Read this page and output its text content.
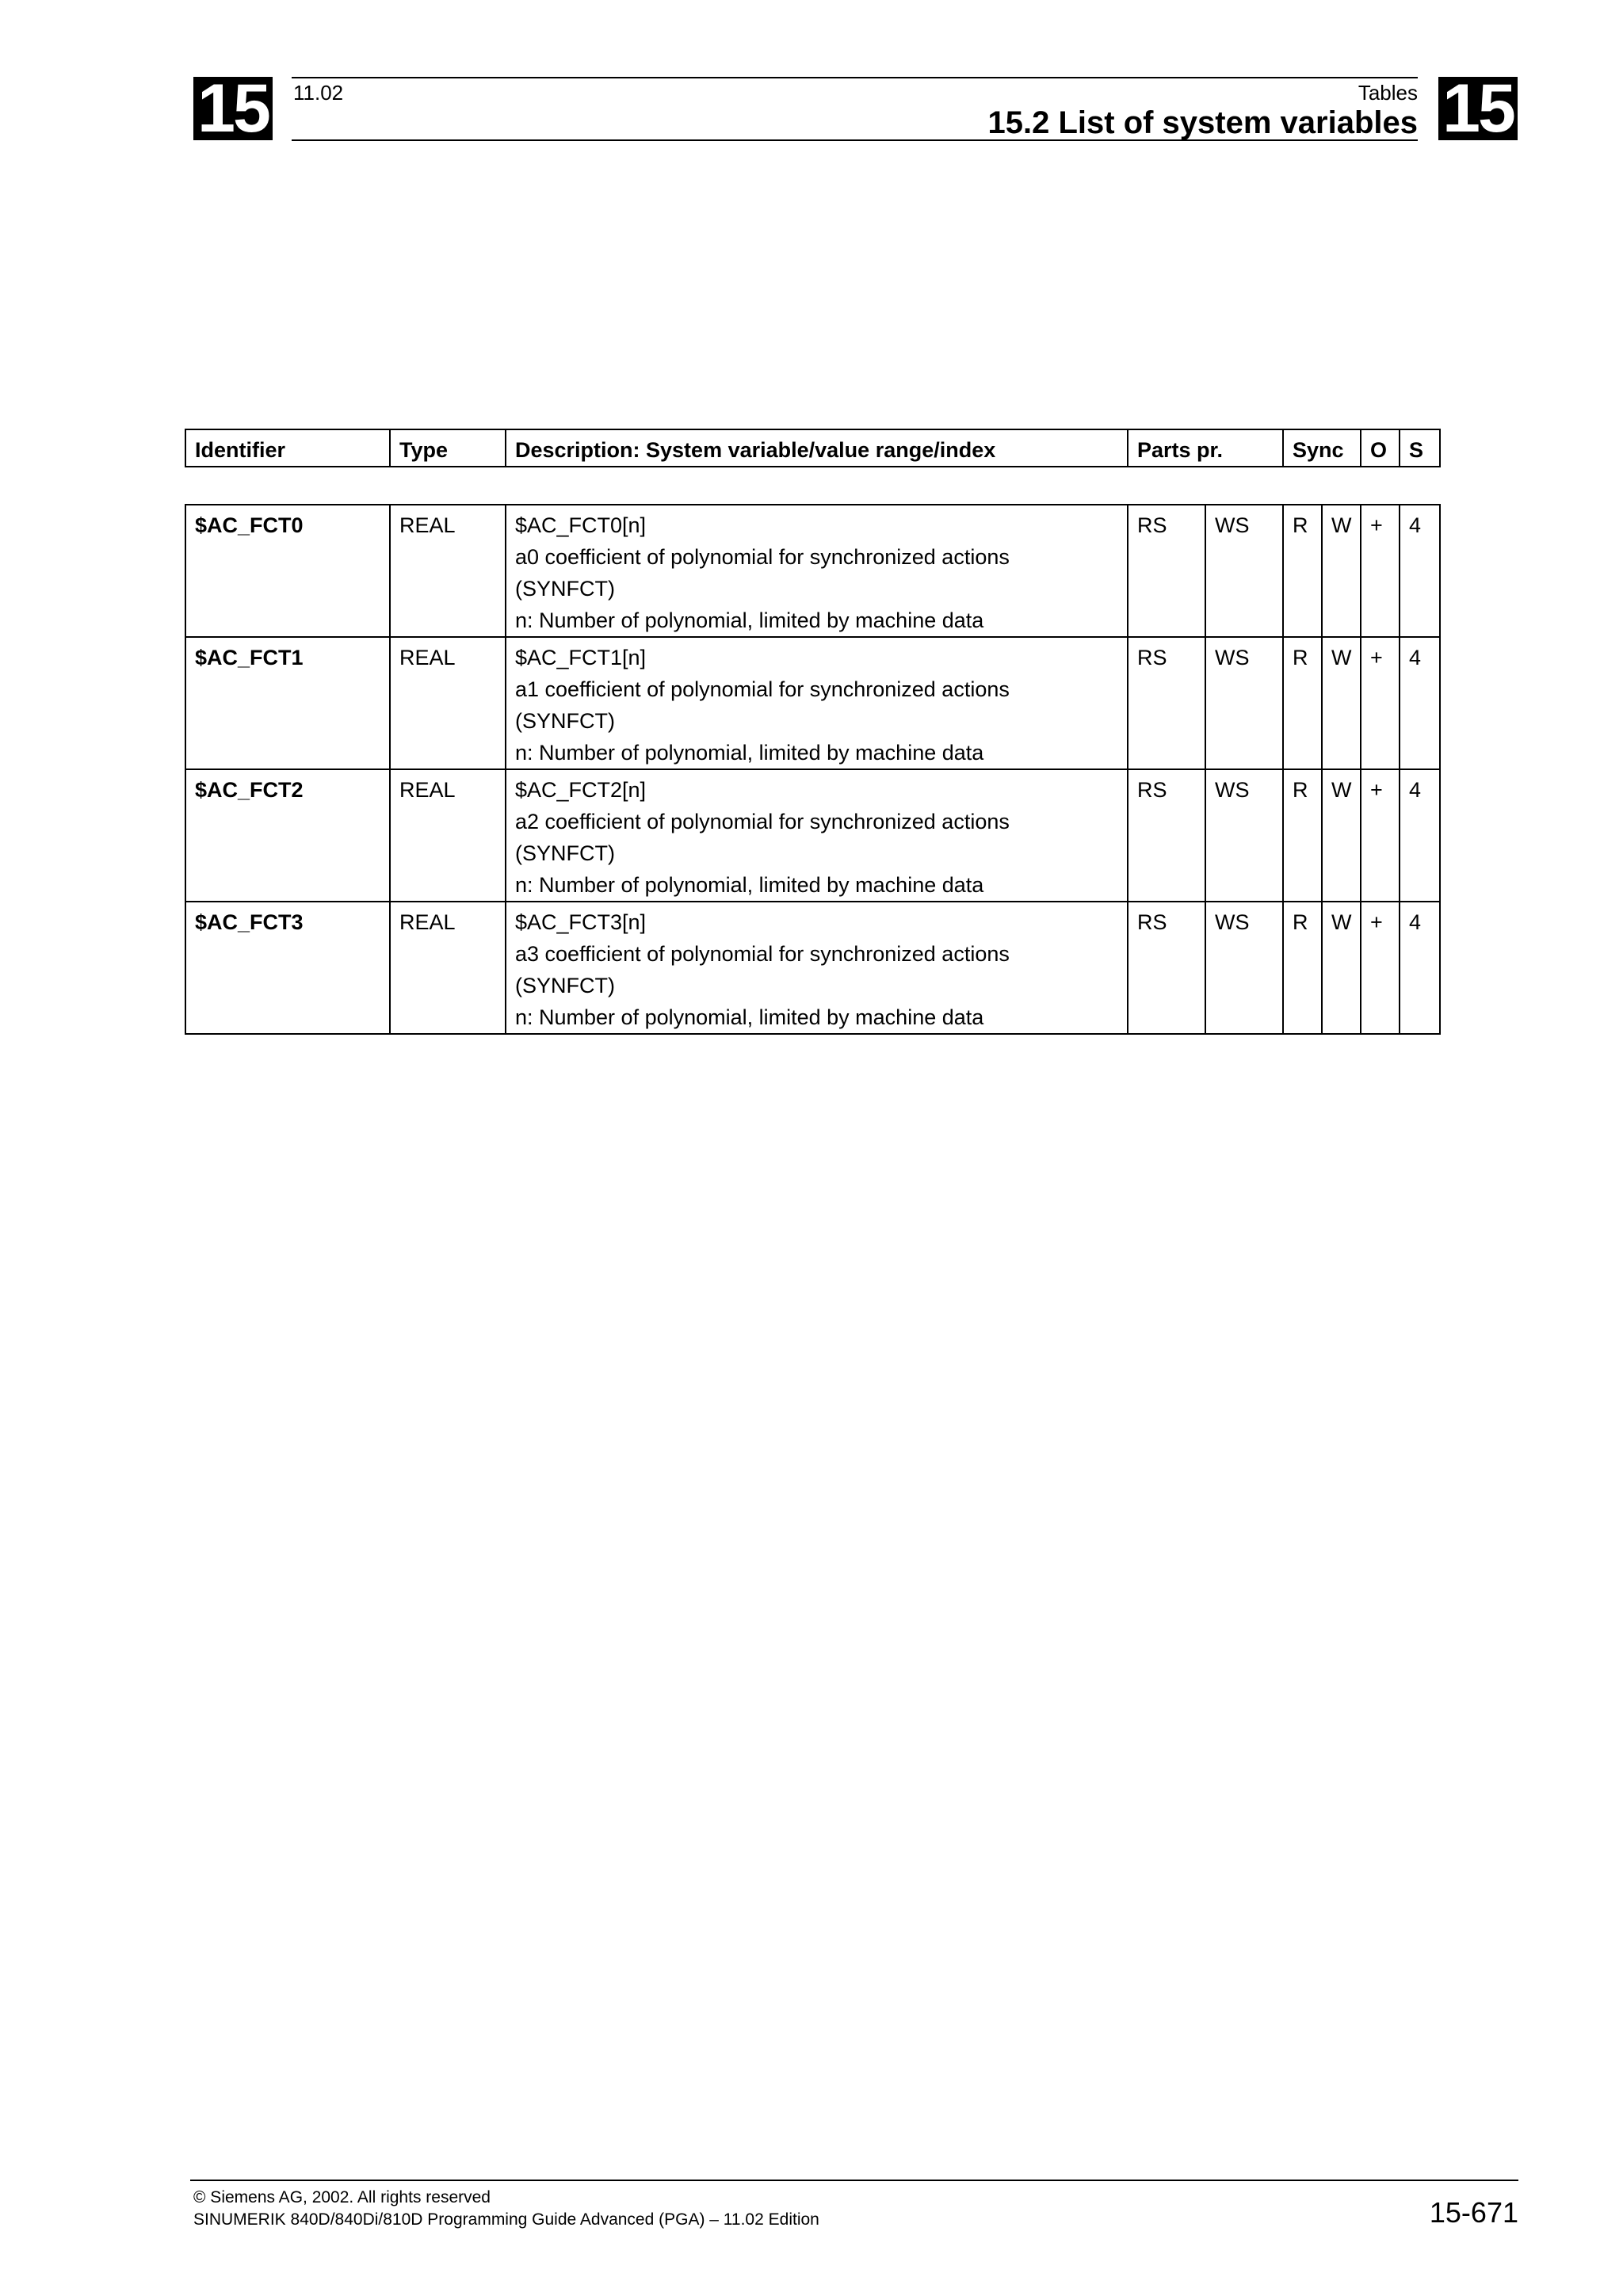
15 11.02	Tables
15.2 List of system variables 15
Identifier	Type	Description: System variable/value range/index	Parts pr.	Sync	O	S
$AC_FCT0	REAL	$AC_FCT0[n]
a0 coefficient of polynomial for synchronized actions
(SYNFCT)
n: Number of polynomial, limited by machine data	RS	WS	R	W	+	4
$AC_FCT1	REAL	$AC_FCT1[n]
a1 coefficient of polynomial for synchronized actions
(SYNFCT)
n: Number of polynomial, limited by machine data	RS	WS	R	W	+	4
$AC_FCT2	REAL	$AC_FCT2[n]
a2 coefficient of polynomial for synchronized actions
(SYNFCT)
n: Number of polynomial, limited by machine data	RS	WS	R	W	+	4
$AC_FCT3	REAL	$AC_FCT3[n]
a3 coefficient of polynomial for synchronized actions
(SYNFCT)
n: Number of polynomial, limited by machine data	RS	WS	R	W	+	4
© Siemens AG, 2002. All rights reserved
SINUMERIK 840D/840Di/810D Programming Guide Advanced (PGA) – 11.02 Edition	15-671
